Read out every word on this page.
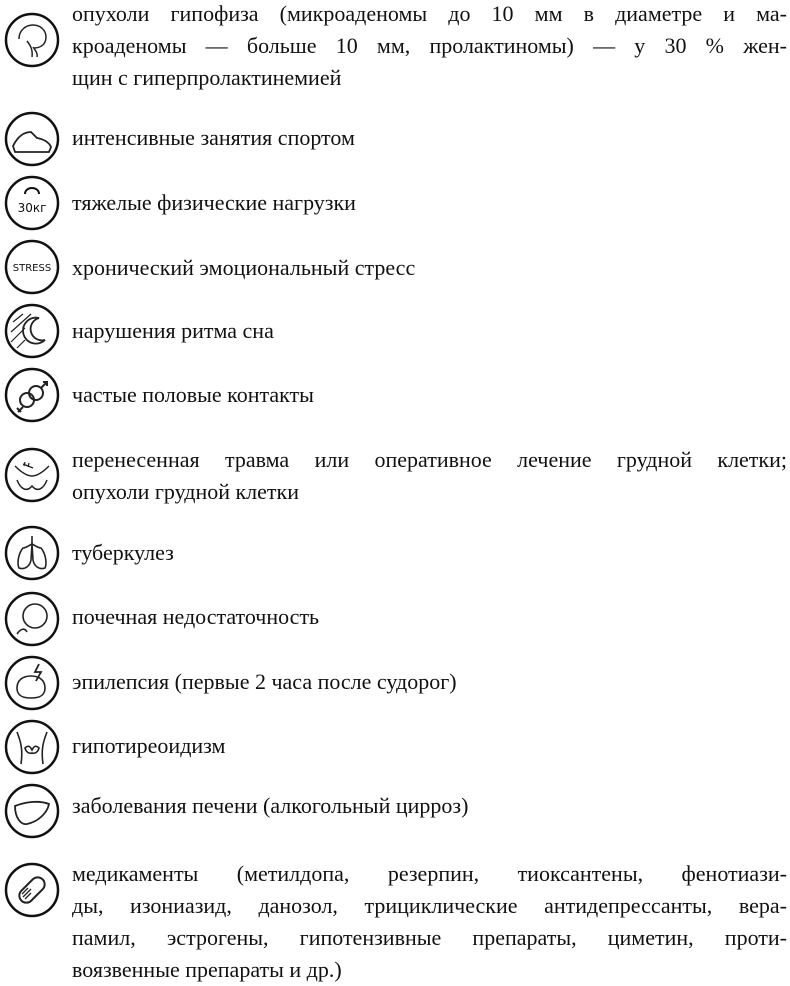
опухоли гипофиза (микроаденомы до 10 мм в диаметре и ма-
кроаденомы — больше 10 мм, пролактиномы) — у 30 % жен-
щин с гиперпролактинемией
интенсивные занятия спортом
30кг тяжелые физические нагрузки
STRESS хронический эмоциональный стресс
нарушения ритма сна
частые половые контакты
перенесенная травма или оперативное лечение грудной клетки;
опухоли грудной клетки
туберкулез
почечная недостаточность
эпилепсия (первые 2 часа после судорог)
гипотиреоидизм
заболевания печени (алкогольный цирроз)
медикаменты (метилдопа, резерпин, тиоксантены, фенотиази-
ды, изониазид, данозол, трициклические антидепрессанты, вера-
памил, эстрогены, гипотензивные препараты, циметин, проти-
воязвенные препараты и др.)
